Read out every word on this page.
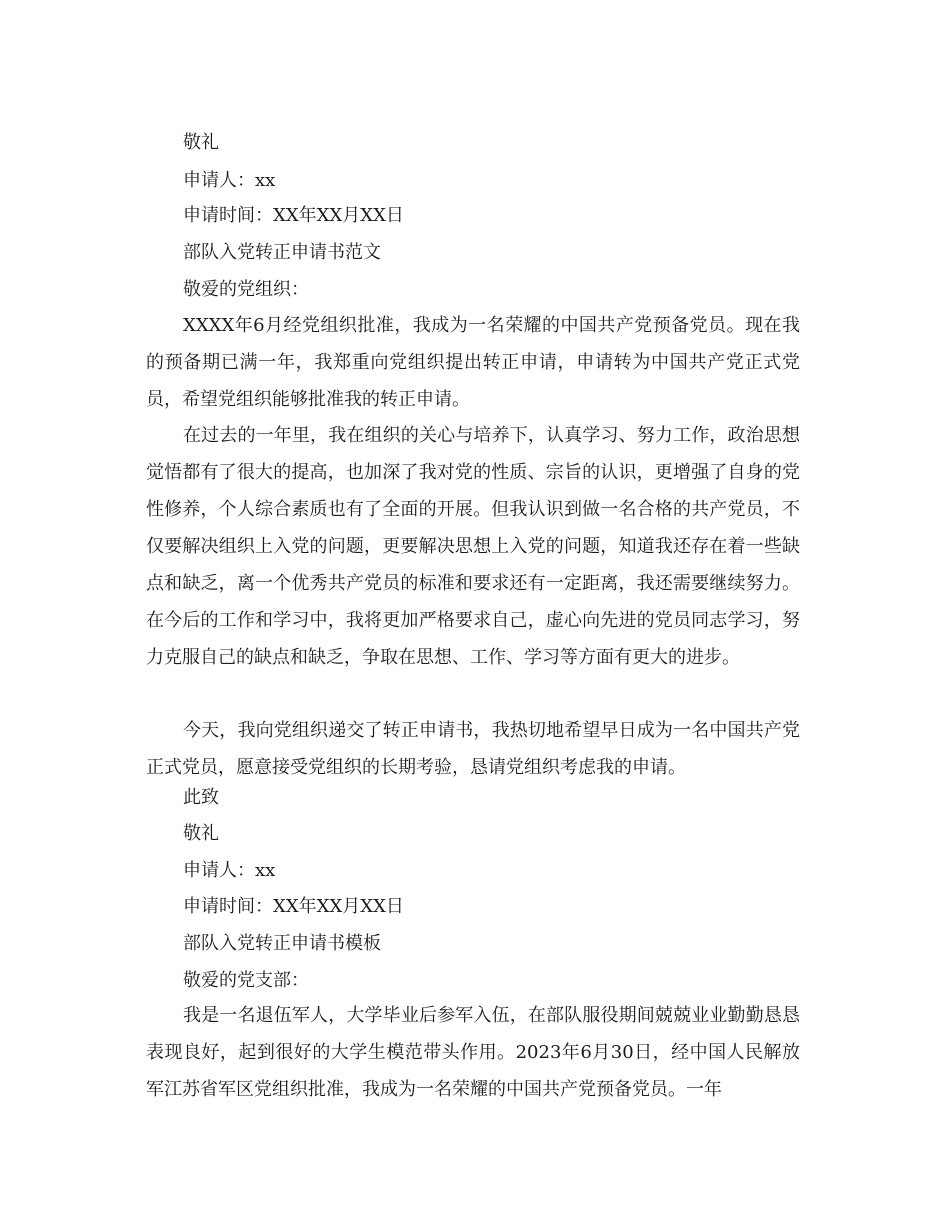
敬礼
申请人：xx
申请时间：XX年XX月XX日
部队入党转正申请书范文
敬爱的党组织：

XXXX年6月经党组织批准，我成为一名荣耀的中国共产党预备党员。现在我的预备期已满一年，我郑重向党组织提出转正申请，申请转为中国共产党正式党员，希望党组织能够批准我的转正申请。

在过去的一年里，我在组织的关心与培养下，认真学习、努力工作，政治思想觉悟都有了很大的提高，也加深了我对党的性质、宗旨的认识，更增强了自身的党性修养，个人综合素质也有了全面的开展。但我认识到做一名合格的共产党员，不仅要解决组织上入党的问题，更要解决思想上入党的问题，知道我还存在着一些缺点和缺乏，离一个优秀共产党员的标准和要求还有一定距离，我还需要继续努力。在今后的工作和学习中，我将更加严格要求自己，虚心向先进的党员同志学习，努力克服自己的缺点和缺乏，争取在思想、工作、学习等方面有更大的进步。

今天，我向党组织递交了转正申请书，我热切地希望早日成为一名中国共产党正式党员，愿意接受党组织的长期考验，恳请党组织考虑我的申请。

此致
敬礼
申请人：xx
申请时间：XX年XX月XX日
部队入党转正申请书模板
敬爱的党支部：

我是一名退伍军人，大学毕业后参军入伍，在部队服役期间兢兢业业勤勤恳恳表现良好，起到很好的大学生模范带头作用。2023年6月30日，经中国人民解放军江苏省军区党组织批准，我成为一名荣耀的中国共产党预备党员。一年
